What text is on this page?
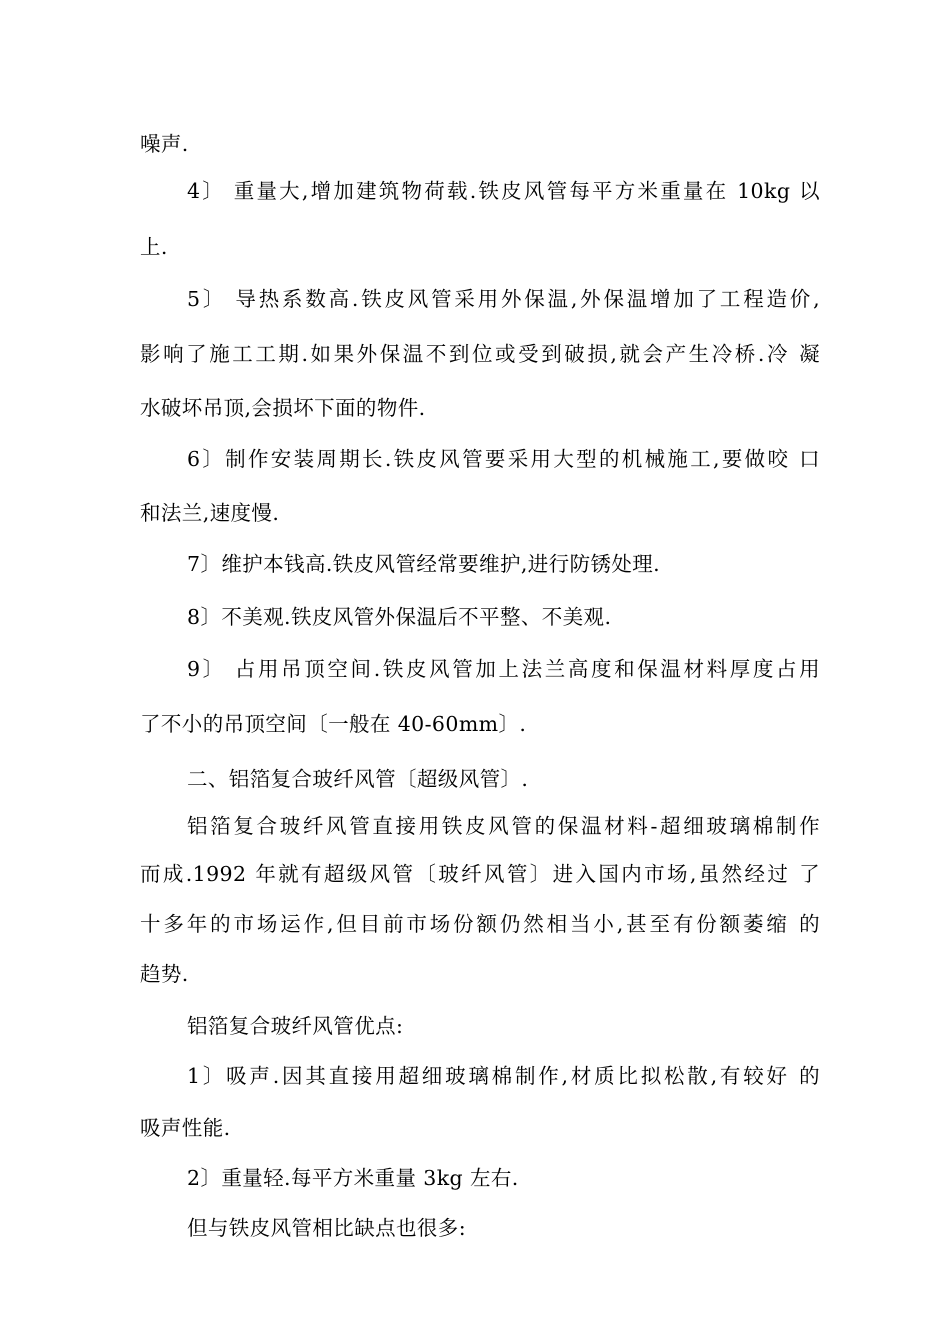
噪声.
4〕 重量大,增加建筑物荷载.铁皮风管每平方米重量在 10kg 以
上.
5〕 导热系数高.铁皮风管采用外保温,外保温增加了工程造价,
影响了施工工期.如果外保温不到位或受到破损,就会产生冷桥.冷 凝
水破坏吊顶,会损坏下面的物件.
6〕制作安装周期长.铁皮风管要采用大型的机械施工,要做咬 口
和法兰,速度慢.
7〕维护本钱高.铁皮风管经常要维护,进行防锈处理.
8〕不美观.铁皮风管外保温后不平整、不美观.
9〕 占用吊顶空间.铁皮风管加上法兰高度和保温材料厚度占用
了不小的吊顶空间〔一般在 40-60mm〕.
二、铝箔复合玻纤风管〔超级风管〕.
铝箔复合玻纤风管直接用铁皮风管的保温材料-超细玻璃棉制作
而成.1992 年就有超级风管〔玻纤风管〕进入国内市场,虽然经过 了
十多年的市场运作,但目前市场份额仍然相当小,甚至有份额萎缩 的
趋势.
铝箔复合玻纤风管优点:
1〕吸声.因其直接用超细玻璃棉制作,材质比拟松散,有较好 的
吸声性能.
2〕重量轻.每平方米重量 3kg 左右.
但与铁皮风管相比缺点也很多:
